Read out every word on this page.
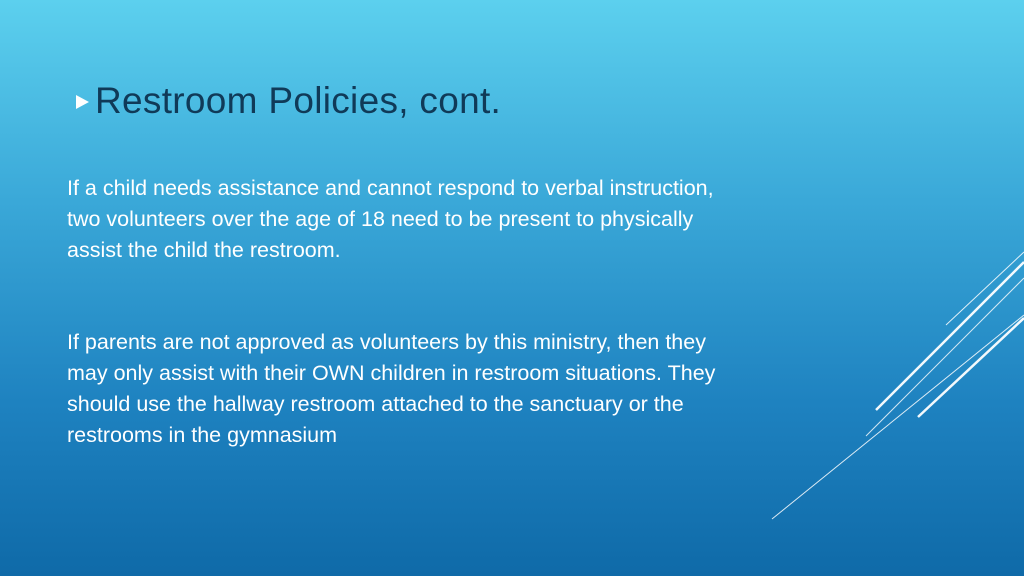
Restroom Policies, cont.
If a child needs assistance and cannot respond to verbal instruction, two volunteers over the age of 18 need to be present to physically assist the child the restroom.
If parents are not approved as volunteers by this ministry, then they may only assist with their OWN children in restroom situations. They should use the hallway restroom attached to the sanctuary or the restrooms in the gymnasium
